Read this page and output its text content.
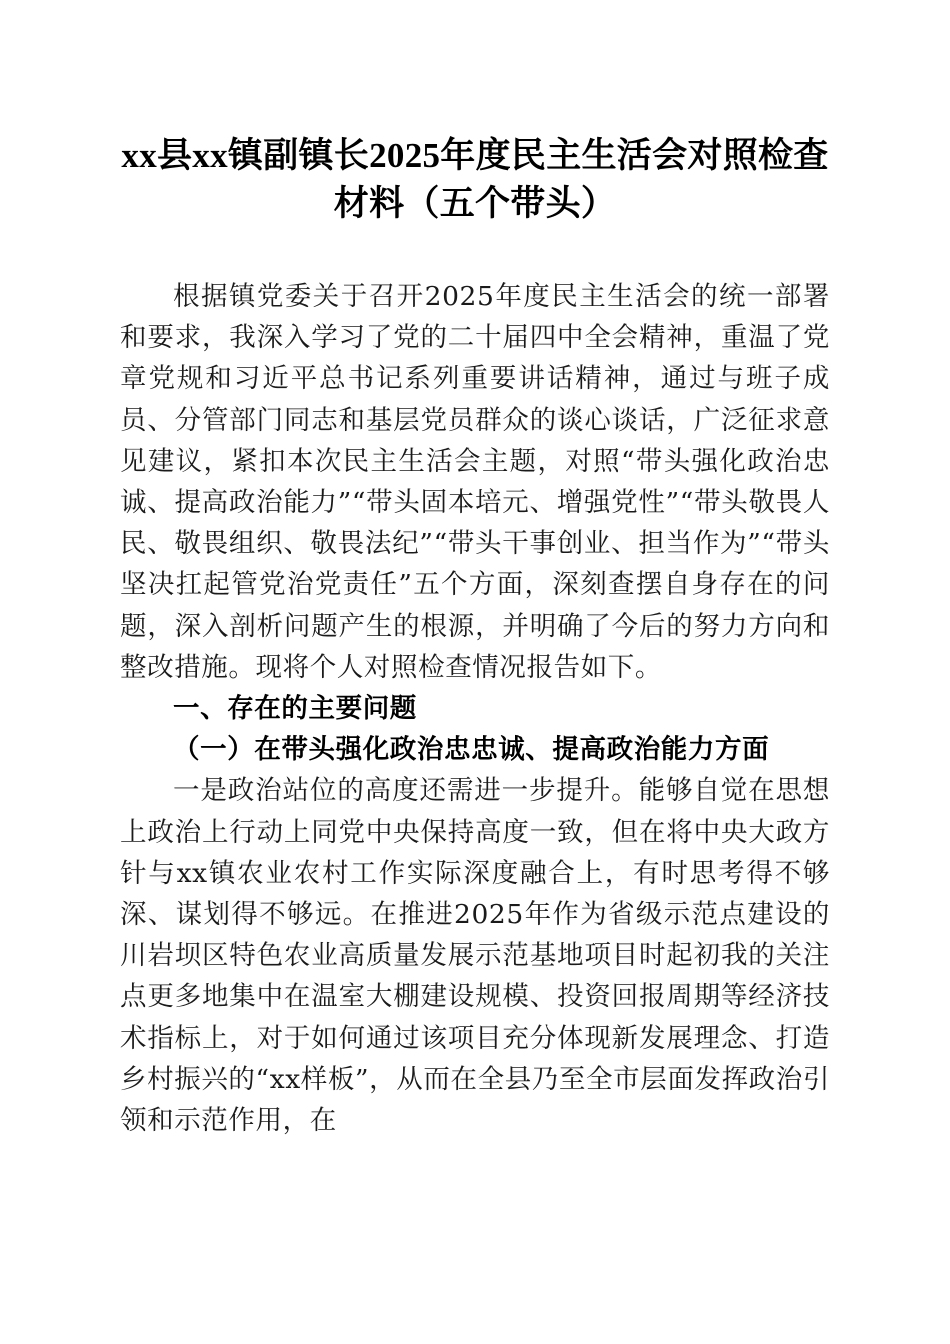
xx县xx镇副镇长2025年度民主生活会对照检查材料（五个带头）

根据镇党委关于召开2025年度民主生活会的统一部署和要求，我深入学习了党的二十届四中全会精神，重温了党章党规和习近平总书记系列重要讲话精神，通过与班子成员、分管部门同志和基层党员群众的谈心谈话，广泛征求意见建议，紧扣本次民主生活会主题，对照“带头强化政治忠诚、提高政治能力”“带头固本培元、增强党性”“带头敬畏人民、敬畏组织、敬畏法纪”“带头干事创业、担当作为”“带头坚决扛起管党治党责任”五个方面，深刻查摆自身存在的问题，深入剖析问题产生的根源，并明确了今后的努力方向和整改措施。现将个人对照检查情况报告如下。

一、存在的主要问题

（一）在带头强化政治忠忠诚、提高政治能力方面

一是政治站位的高度还需进一步提升。能够自觉在思想上政治上行动上同党中央保持高度一致，但在将中央大政方针与xx镇农业农村工作实际深度融合上，有时思考得不够深、谋划得不够远。在推进2025年作为省级示范点建设的川岩坝区特色农业高质量发展示范基地项目时起初我的关注点更多地集中在温室大棚建设规模、投资回报周期等经济技术指标上，对于如何通过该项目充分体现新发展理念、打造乡村振兴的“xx样板”，从而在全县乃至全市层面发挥政治引领和示范作用，在
